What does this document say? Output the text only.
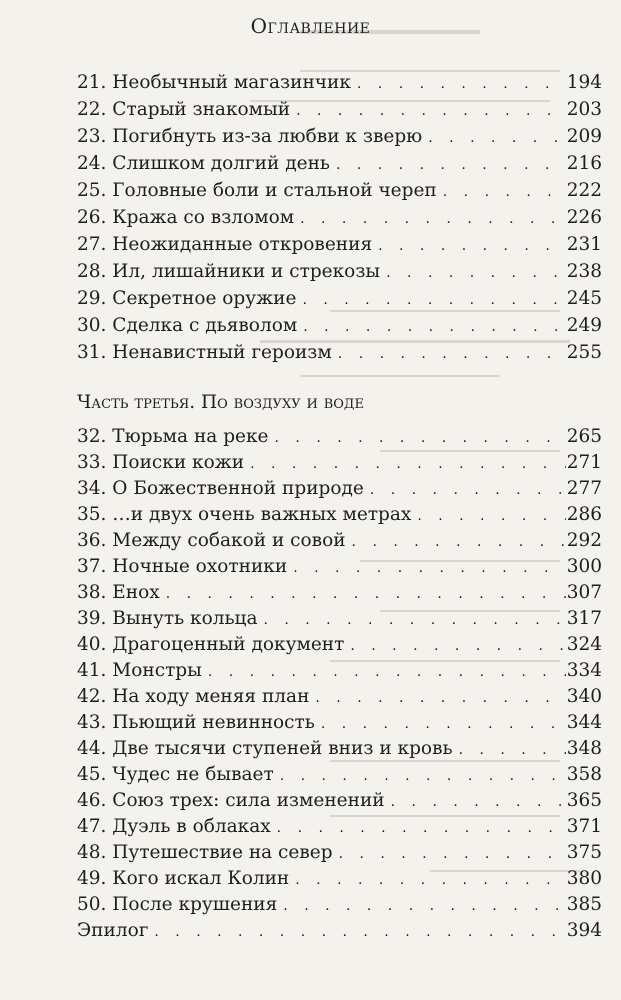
Оглавление
21. Необычный магазинчик . . .	194
22. Старый знакомый . . .	203
23. Погибнуть из-за любви к зверю . . .	209
24. Слишком долгий день . . .	216
25. Головные боли и стальной череп . . .	222
26. Кража со взломом . . .	226
27. Неожиданные откровения . . .	231
28. Ил, лишайники и стрекозы . . .	238
29. Секретное оружие . . .	245
30. Сделка с дьяволом . . .	249
31. Ненавистный героизм . . .	255
Часть третья. По воздуху и воде
32. Тюрьма на реке . . .	265
33. Поиски кожи . . .	271
34. О Божественной природе . . .	277
35. …и двух очень важных метрах . . .	286
36. Между собакой и совой . . .	292
37. Ночные охотники . . .	300
38. Енох . . .	307
39. Вынуть кольца . . .	317
40. Драгоценный документ . . .	324
41. Монстры . . .	334
42. На ходу меняя план . . .	340
43. Пьющий невинность . . .	344
44. Две тысячи ступеней вниз и кровь . . .	348
45. Чудес не бывает . . .	358
46. Союз трех: сила изменений . . .	365
47. Дуэль в облаках . . .	371
48. Путешествие на север . . .	375
49. Кого искал Колин . . .	380
50. После крушения . . .	385
Эпилог . . .	394
